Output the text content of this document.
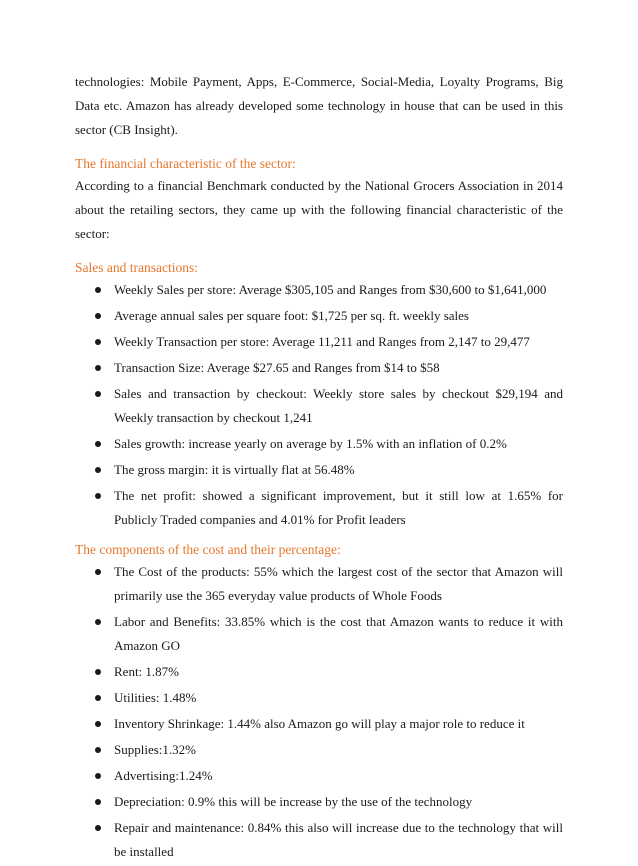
technologies: Mobile Payment, Apps, E-Commerce, Social-Media, Loyalty Programs, Big Data etc. Amazon has already developed some technology in house that can be used in this sector (CB Insight).

The financial characteristic of the sector:

According to a financial Benchmark conducted by the National Grocers Association in 2014 about the retailing sectors, they came up with the following financial characteristic of the sector:

Sales and transactions:

Weekly Sales per store: Average $305,105 and Ranges from $30,600 to $1,641,000
Average annual sales per square foot: $1,725 per sq. ft. weekly sales
Weekly Transaction per store: Average 11,211 and Ranges from 2,147 to 29,477
Transaction Size: Average $27.65 and Ranges from $14 to $58
Sales and transaction by checkout: Weekly store sales by checkout $29,194 and Weekly transaction by checkout 1,241
Sales growth: increase yearly on average by 1.5% with an inflation of 0.2%
The gross margin: it is virtually flat at 56.48%
The net profit: showed a significant improvement, but it still low at 1.65% for Publicly Traded companies and 4.01% for Profit leaders

The components of the cost and their percentage:

The Cost of the products: 55% which the largest cost of the sector that Amazon will primarily use the 365 everyday value products of Whole Foods
Labor and Benefits: 33.85% which is the cost that Amazon wants to reduce it with Amazon GO
Rent: 1.87%
Utilities: 1.48%
Inventory Shrinkage: 1.44% also Amazon go will play a major role to reduce it
Supplies:1.32%
Advertising:1.24%
Depreciation: 0.9% this will be increase by the use of the technology
Repair and maintenance: 0.84% this also will increase due to the technology that will be installed
